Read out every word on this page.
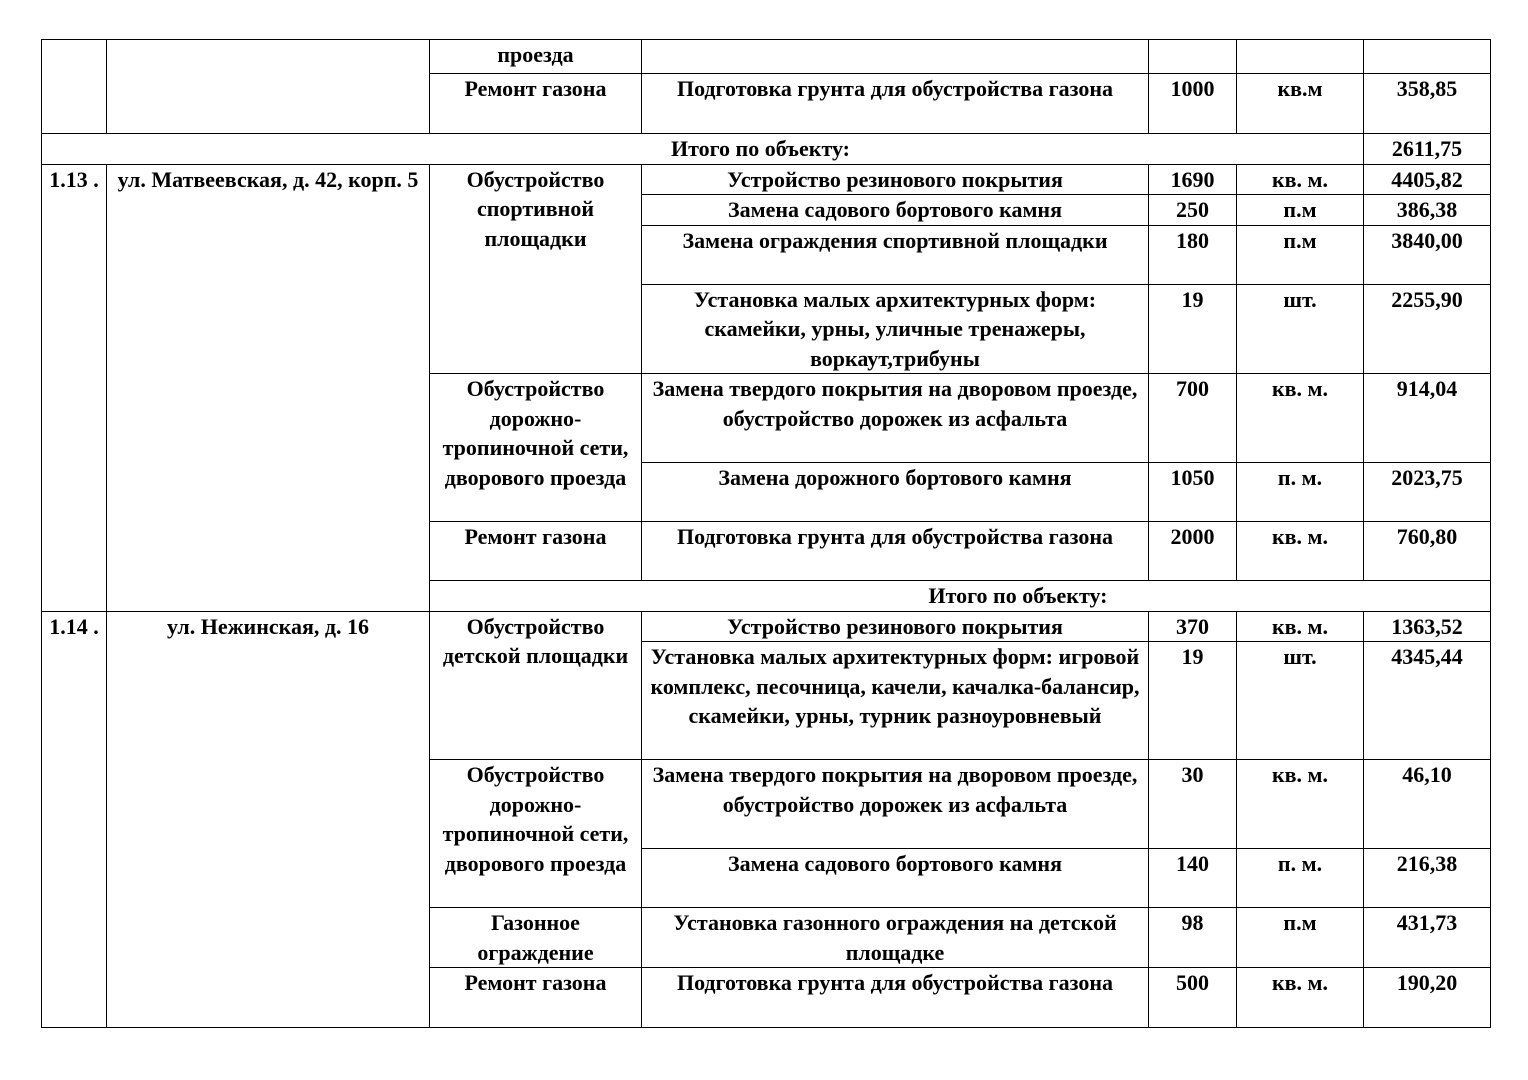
		проезда					
		Ремонт газона	Подготовка грунта для обустройства газона	1000	кв.м	358,85	
Итого по объекту:						2611,75	
1.13 .	ул. Матвеевская, д. 42, корп. 5	Обустройство спортивной площадки	Устройство резинового покрытия	1690	кв. м.	4405,82	
			Замена садового бортового камня	250	п.м	386,38	
			Замена ограждения спортивной площадки	180	п.м	3840,00	
			Установка малых архитектурных форм: скамейки, урны, уличные тренажеры, воркаут,трибуны	19	шт.	2255,90	
		Обустройство дорожно-тропиночной сети, дворового проезда	Замена твердого покрытия на дворовом проезде,
обустройство дорожек из асфальта	700	кв. м.	914,04	
			Замена дорожного бортового камня	1050	п. м.	2023,75	
		Ремонт газона	Подготовка грунта для обустройства газона	2000	кв. м.	760,80	
		Итого по объекту:	
1.14 .	ул. Нежинская, д. 16	Обустройство детской площадки	Устройство резинового покрытия	370	кв. м.	1363,52	
			Установка малых архитектурных форм: игровой комплекс, песочница, качели, качалка-балансир, скамейки, урны, турник разноуровневый	19	шт.	4345,44	
		Обустройство дорожно-тропиночной сети, дворового проезда	Замена твердого покрытия на дворовом проезде,
обустройство дорожек из асфальта	30	кв. м.	46,10	
			Замена садового бортового камня	140	п. м.	216,38	
		Газонное ограждение	Установка газонного ограждения на детской площадке	98	п.м	431,73	
		Ремонт газона	Подготовка грунта для обустройства газона	500	кв. м.	190,20	
